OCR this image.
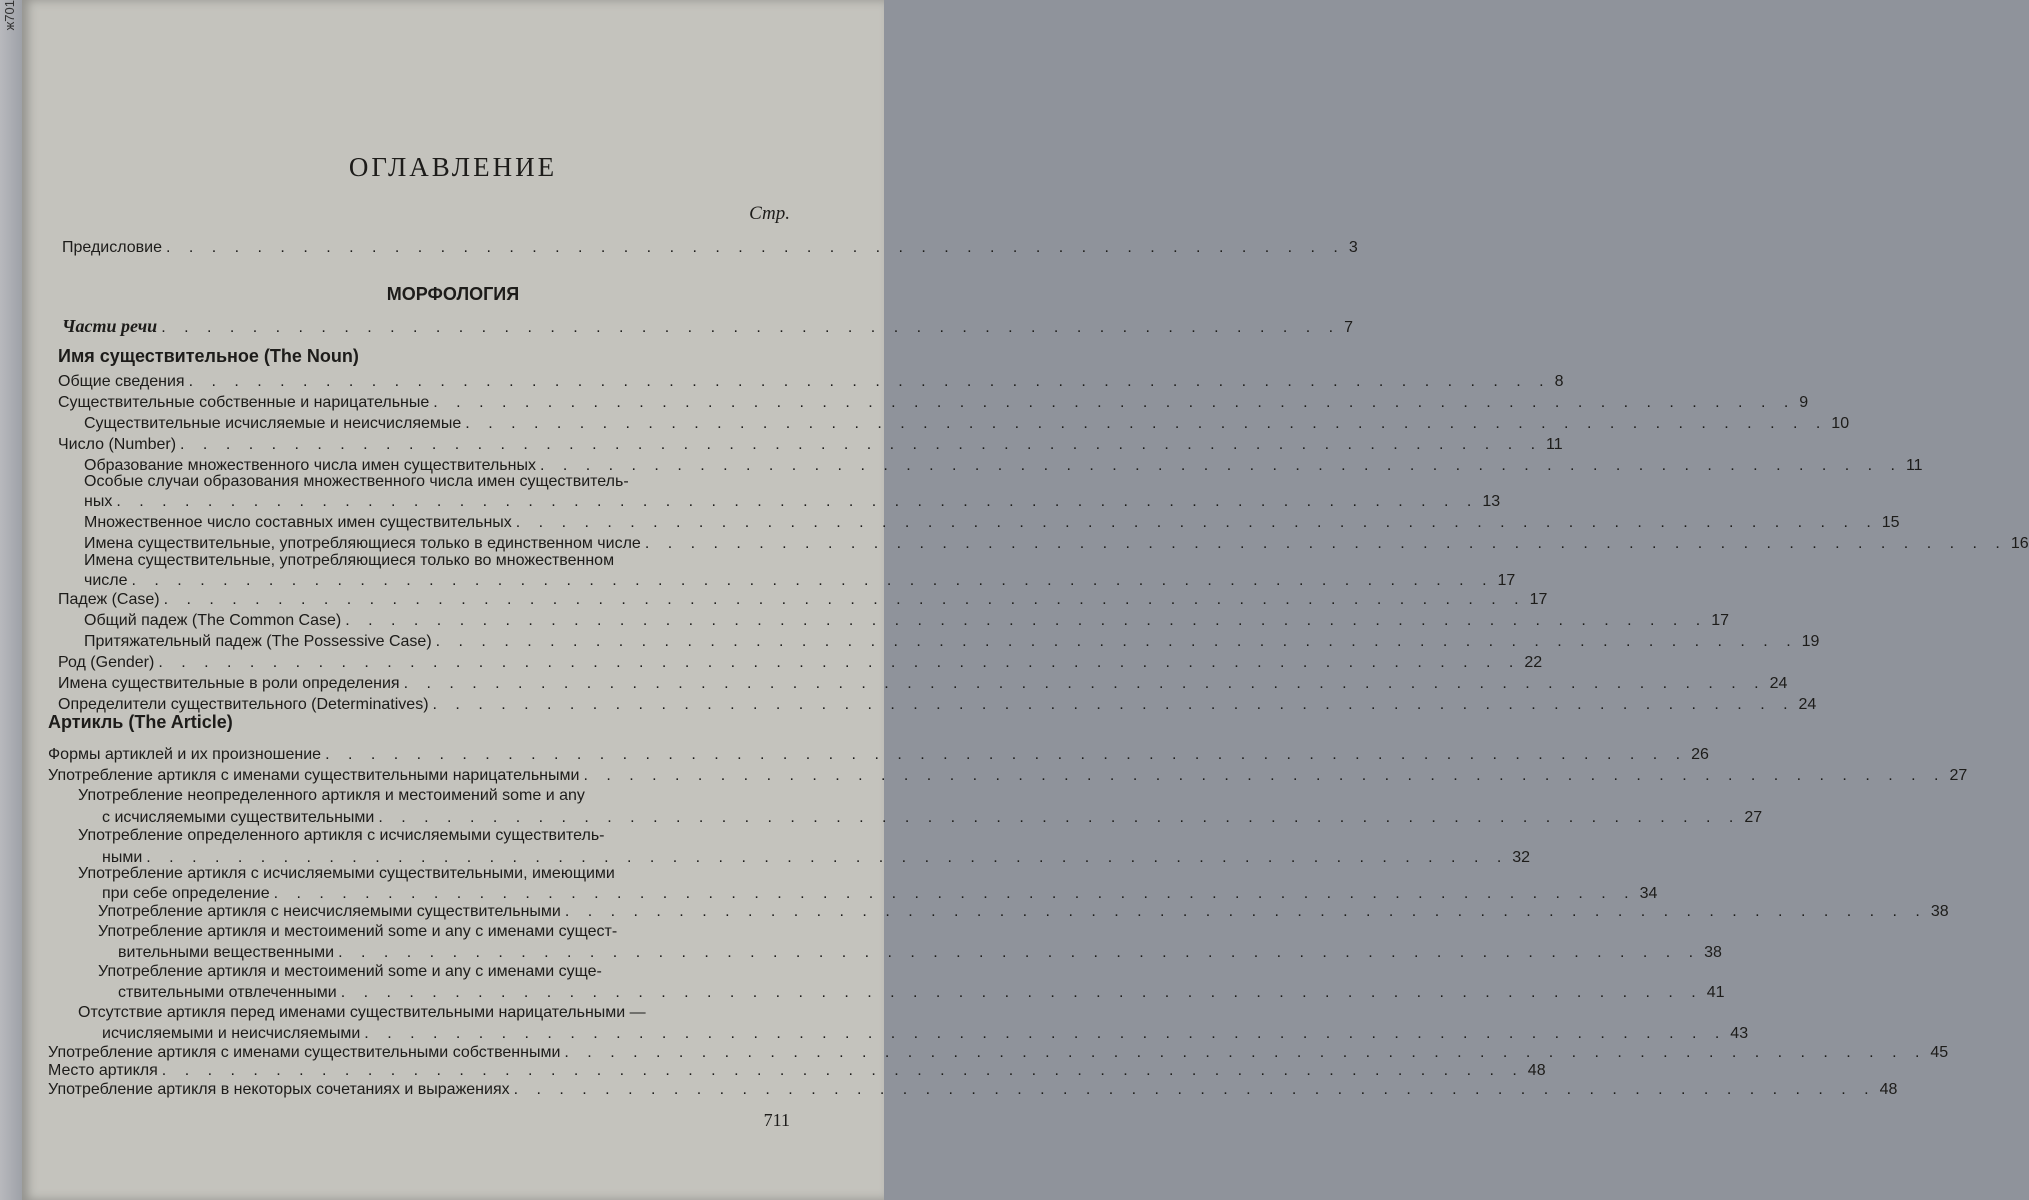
ж701
ОГЛАВЛЕНИЕ
Стр.
Предисловие . . . . . . . . . . . . . . . . . . . . . . . . . . . . . . . . . . . . . . . . . . . . . . . . . . . . 3
МОРФОЛОГИЯ
Части речи . . . . . . . . . . . . . . . . . . . . . . . . . . . . . . . . . . . . . . . . . . . . . . . . . . . . 7
Имя существительное (The Noun)
Артикль (The Article)
711
Общие сведения . . . . . . . . . . . . . . . . . . . . . . . . . . . . . . . . . . . . . . . . . . . . . . . . . . . . . . . . . . . . 8
Существительные собственные и нарицательные . . . . . . . . . . . . . . . . . . . . . . . . . . . . . . . . . . . . . . . . . . . . . . . . . . . . . . . . . . . . 9
Существительные исчисляемые и неисчисляемые . . . . . . . . . . . . . . . . . . . . . . . . . . . . . . . . . . . . . . . . . . . . . . . . . . . . . . . . . . . . 10
Число (Number) . . . . . . . . . . . . . . . . . . . . . . . . . . . . . . . . . . . . . . . . . . . . . . . . . . . . . . . . . . . . 11
Образование множественного числа имен существительных . . . . . . . . . . . . . . . . . . . . . . . . . . . . . . . . . . . . . . . . . . . . . . . . . . . . . . . . . . . . 11
Особые случаи образования множественного числа имен существитель-
ных . . . . . . . . . . . . . . . . . . . . . . . . . . . . . . . . . . . . . . . . . . . . . . . . . . . . . . . . . . . . 13
Множественное число составных имен существительных . . . . . . . . . . . . . . . . . . . . . . . . . . . . . . . . . . . . . . . . . . . . . . . . . . . . . . . . . . . . 15
Имена существительные, употребляющиеся только в единственном числе . . . . . . . . . . . . . . . . . . . . . . . . . . . . . . . . . . . . . . . . . . . . . . . . . . . . . . . . . . . . 16
Имена существительные, употребляющиеся только во множественном
числе . . . . . . . . . . . . . . . . . . . . . . . . . . . . . . . . . . . . . . . . . . . . . . . . . . . . . . . . . . . . 17
Падеж (Case) . . . . . . . . . . . . . . . . . . . . . . . . . . . . . . . . . . . . . . . . . . . . . . . . . . . . . . . . . . . . 17
Общий падеж (The Common Case) . . . . . . . . . . . . . . . . . . . . . . . . . . . . . . . . . . . . . . . . . . . . . . . . . . . . . . . . . . . . 17
Притяжательный падеж (The Possessive Case) . . . . . . . . . . . . . . . . . . . . . . . . . . . . . . . . . . . . . . . . . . . . . . . . . . . . . . . . . . . . 19
Род (Gender) . . . . . . . . . . . . . . . . . . . . . . . . . . . . . . . . . . . . . . . . . . . . . . . . . . . . . . . . . . . . 22
Имена существительные в роли определения . . . . . . . . . . . . . . . . . . . . . . . . . . . . . . . . . . . . . . . . . . . . . . . . . . . . . . . . . . . . 24
Определители существительного (Determinatives) . . . . . . . . . . . . . . . . . . . . . . . . . . . . . . . . . . . . . . . . . . . . . . . . . . . . . . . . . . . . 24
Формы артиклей и их произношение . . . . . . . . . . . . . . . . . . . . . . . . . . . . . . . . . . . . . . . . . . . . . . . . . . . . . . . . . . . . 26
Употребление артикля с именами существительными нарицательными . . . . . . . . . . . . . . . . . . . . . . . . . . . . . . . . . . . . . . . . . . . . . . . . . . . . . . . . . . . . 27
Употребление неопределенного артикля и местоимений some и any
с исчисляемыми существительными . . . . . . . . . . . . . . . . . . . . . . . . . . . . . . . . . . . . . . . . . . . . . . . . . . . . . . . . . . . . 27
Употребление определенного артикля с исчисляемыми существитель-
ными . . . . . . . . . . . . . . . . . . . . . . . . . . . . . . . . . . . . . . . . . . . . . . . . . . . . . . . . . . . . 32
Употребление артикля с исчисляемыми существительными, имеющими
при себе определение . . . . . . . . . . . . . . . . . . . . . . . . . . . . . . . . . . . . . . . . . . . . . . . . . . . . . . . . . . . . 34
Употребление артикля с неисчисляемыми существительными . . . . . . . . . . . . . . . . . . . . . . . . . . . . . . . . . . . . . . . . . . . . . . . . . . . . . . . . . . . . 38
Употребление артикля и местоимений some и any с именами сущест-
вительными вещественными . . . . . . . . . . . . . . . . . . . . . . . . . . . . . . . . . . . . . . . . . . . . . . . . . . . . . . . . . . . . 38
Употребление артикля и местоимений some и any с именами суще-
ствительными отвлеченными . . . . . . . . . . . . . . . . . . . . . . . . . . . . . . . . . . . . . . . . . . . . . . . . . . . . . . . . . . . . 41
Отсутствие артикля перед именами существительными нарицательными —
исчисляемыми и неисчисляемыми . . . . . . . . . . . . . . . . . . . . . . . . . . . . . . . . . . . . . . . . . . . . . . . . . . . . . . . . . . . . 43
Употребление артикля с именами существительными собственными . . . . . . . . . . . . . . . . . . . . . . . . . . . . . . . . . . . . . . . . . . . . . . . . . . . . . . . . . . . . 45
Место артикля . . . . . . . . . . . . . . . . . . . . . . . . . . . . . . . . . . . . . . . . . . . . . . . . . . . . . . . . . . . . 48
Употребление артикля в некоторых сочетаниях и выражениях . . . . . . . . . . . . . . . . . . . . . . . . . . . . . . . . . . . . . . . . . . . . . . . . . . . . . . . . . . . . 48
